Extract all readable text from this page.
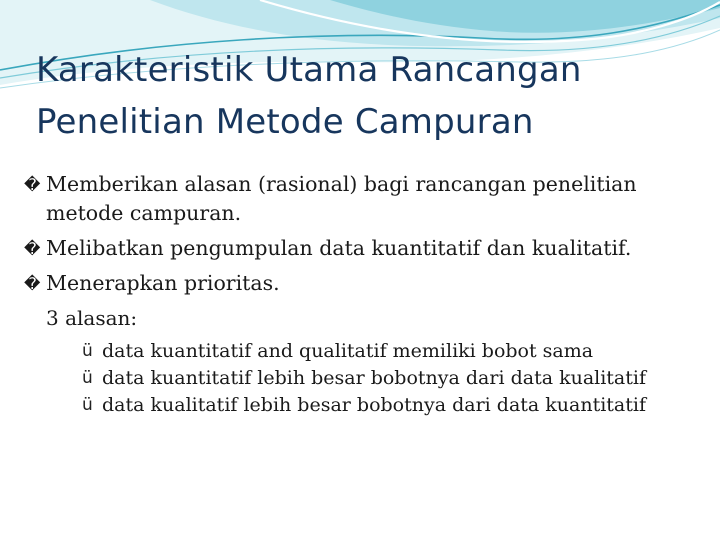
Karakteristik Utama Rancangan
Penelitian Metode Campuran
� Memberikan alasan (rasional) bagi rancangan penelitian metode campuran.
� Melibatkan pengumpulan data kuantitatif dan kualitatif.
� Menerapkan prioritas.
3 alasan:
ü data kuantitatif and qualitatif memiliki bobot sama
ü data kuantitatif lebih besar bobotnya dari data kualitatif
ü data kualitatif lebih besar bobotnya dari data kuantitatif
